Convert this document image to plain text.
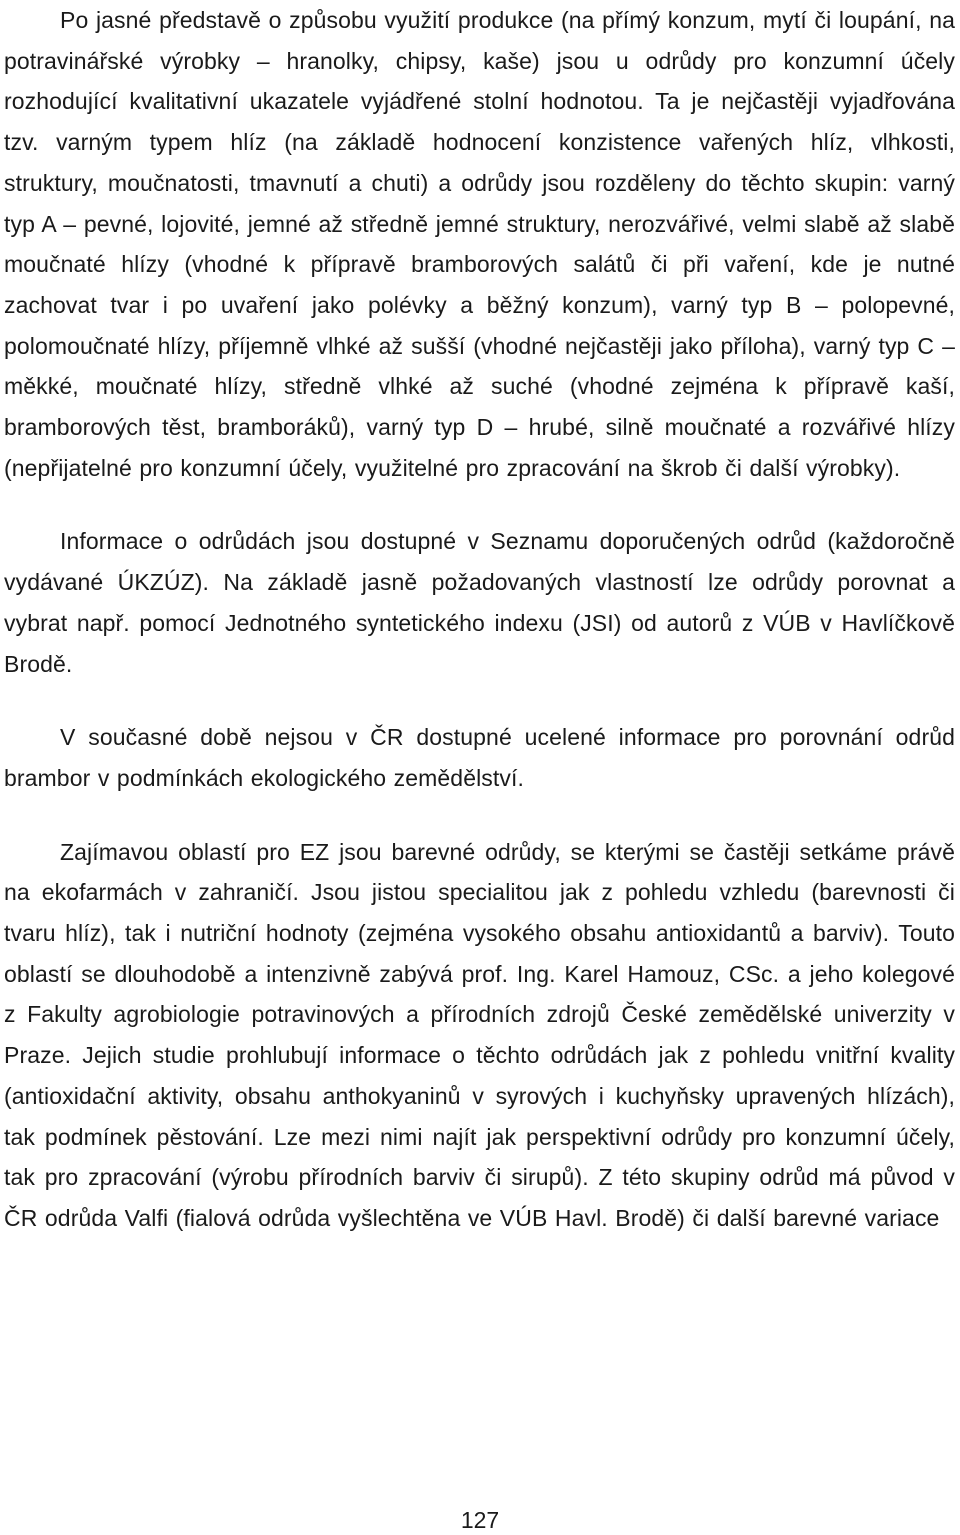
Po jasné představě o způsobu využití produkce (na přímý konzum, mytí či loupání, na potravinářské výrobky – hranolky, chipsy, kaše) jsou u odrůdy pro konzumní účely rozhodující kvalitativní ukazatele vyjádřené stolní hodnotou. Ta je nejčastěji vyjadřována tzv. varným typem hlíz (na základě hodnocení konzistence vařených hlíz, vlhkosti, struktury, moučnatosti, tmavnutí a chuti) a odrůdy jsou rozděleny do těchto skupin: varný typ A – pevné, lojovité, jemné až středně jemné struktury, nerozvářivé, velmi slabě až slabě moučnaté hlízy (vhodné k přípravě bramborových salátů či při vaření, kde je nutné zachovat tvar i po uvaření jako polévky a běžný konzum), varný typ B – polopevné, polomoučnaté hlízy, příjemně vlhké až sušší (vhodné nejčastěji jako příloha), varný typ C – měkké, moučnaté hlízy, středně vlhké až suché (vhodné zejména k přípravě kaší, bramborových těst, bramboráků), varný typ D – hrubé, silně moučnaté a rozvářivé hlízy (nepřijatelné pro konzumní účely, využitelné pro zpracování na škrob či další výrobky).

Informace o odrůdách jsou dostupné v Seznamu doporučených odrůd (každoročně vydávané ÚKZÚZ). Na základě jasně požadovaných vlastností lze odrůdy porovnat a vybrat např. pomocí Jednotného syntetického indexu (JSI) od autorů z VÚB v Havlíčkově Brodě.

V současné době nejsou v ČR dostupné ucelené informace pro porovnání odrůd brambor v podmínkách ekologického zemědělství.

Zajímavou oblastí pro EZ jsou barevné odrůdy, se kterými se častěji setkáme právě na ekofarmách v zahraničí. Jsou jistou specialitou jak z pohledu vzhledu (barevnosti či tvaru hlíz), tak i nutriční hodnoty (zejména vysokého obsahu antioxidantů a barviv). Touto oblastí se dlouhodobě a intenzivně zabývá prof. Ing. Karel Hamouz, CSc. a jeho kolegové z Fakulty agrobiologie potravinových a přírodních zdrojů České zemědělské univerzity v Praze. Jejich studie prohlubují informace o těchto odrůdách jak z pohledu vnitřní kvality (antioxidační aktivity, obsahu anthokyaninů v syrových i kuchyňsky upravených hlízách), tak podmínek pěstování. Lze mezi nimi najít jak perspektivní odrůdy pro konzumní účely, tak pro zpracování (výrobu přírodních barviv či sirupů). Z této skupiny odrůd má původ v ČR odrůda Valfi (fialová odrůda vyšlechtěna ve VÚB Havl. Brodě) či další barevné variace

127
